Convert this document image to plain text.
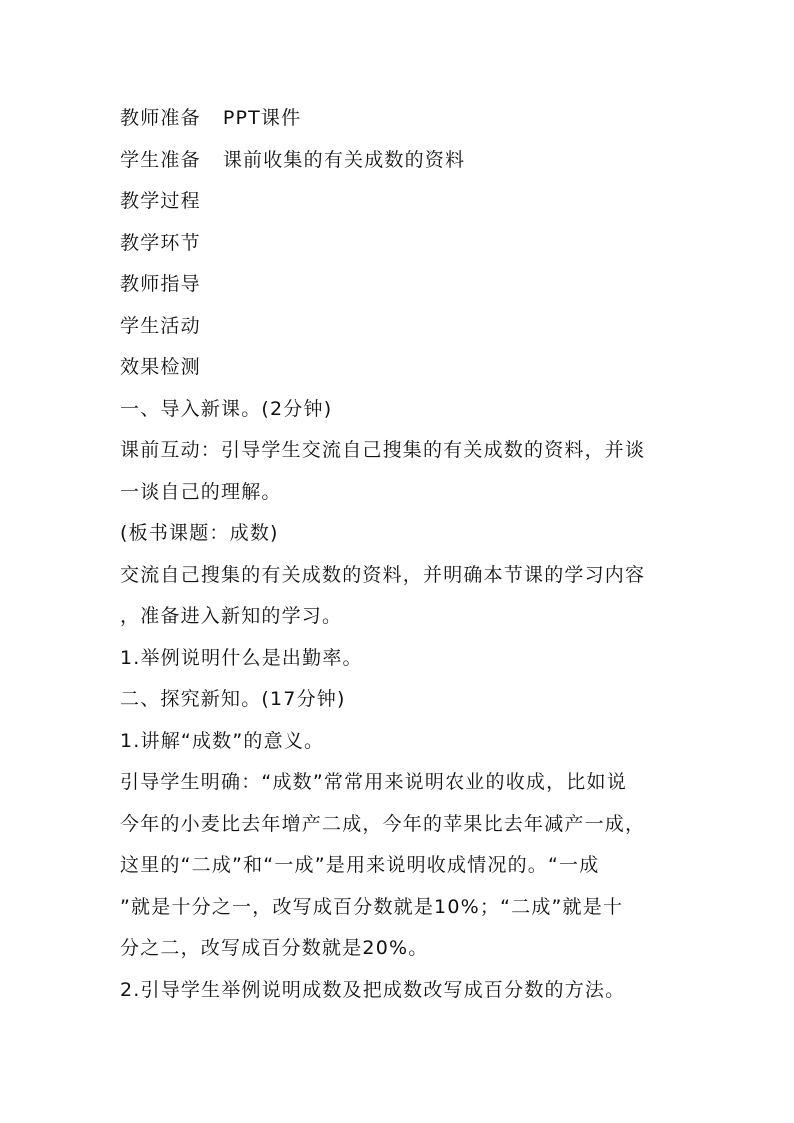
教师准备 PPT课件
学生准备 课前收集的有关成数的资料
教学过程
教学环节
教师指导
学生活动
效果检测
一、导入新课。(2分钟)
课前互动：引导学生交流自己搜集的有关成数的资料，并谈
一谈自己的理解。
(板书课题：成数)
交流自己搜集的有关成数的资料，并明确本节课的学习内容
，准备进入新知的学习。
1.举例说明什么是出勤率。
二、探究新知。(17分钟)
1.讲解“成数”的意义。
引导学生明确：“成数”常常用来说明农业的收成，比如说
今年的小麦比去年增产二成，今年的苹果比去年减产一成，
这里的“二成”和“一成”是用来说明收成情况的。“一成
”就是十分之一，改写成百分数就是10%；“二成”就是十
分之二，改写成百分数就是20%。
2.引导学生举例说明成数及把成数改写成百分数的方法。
